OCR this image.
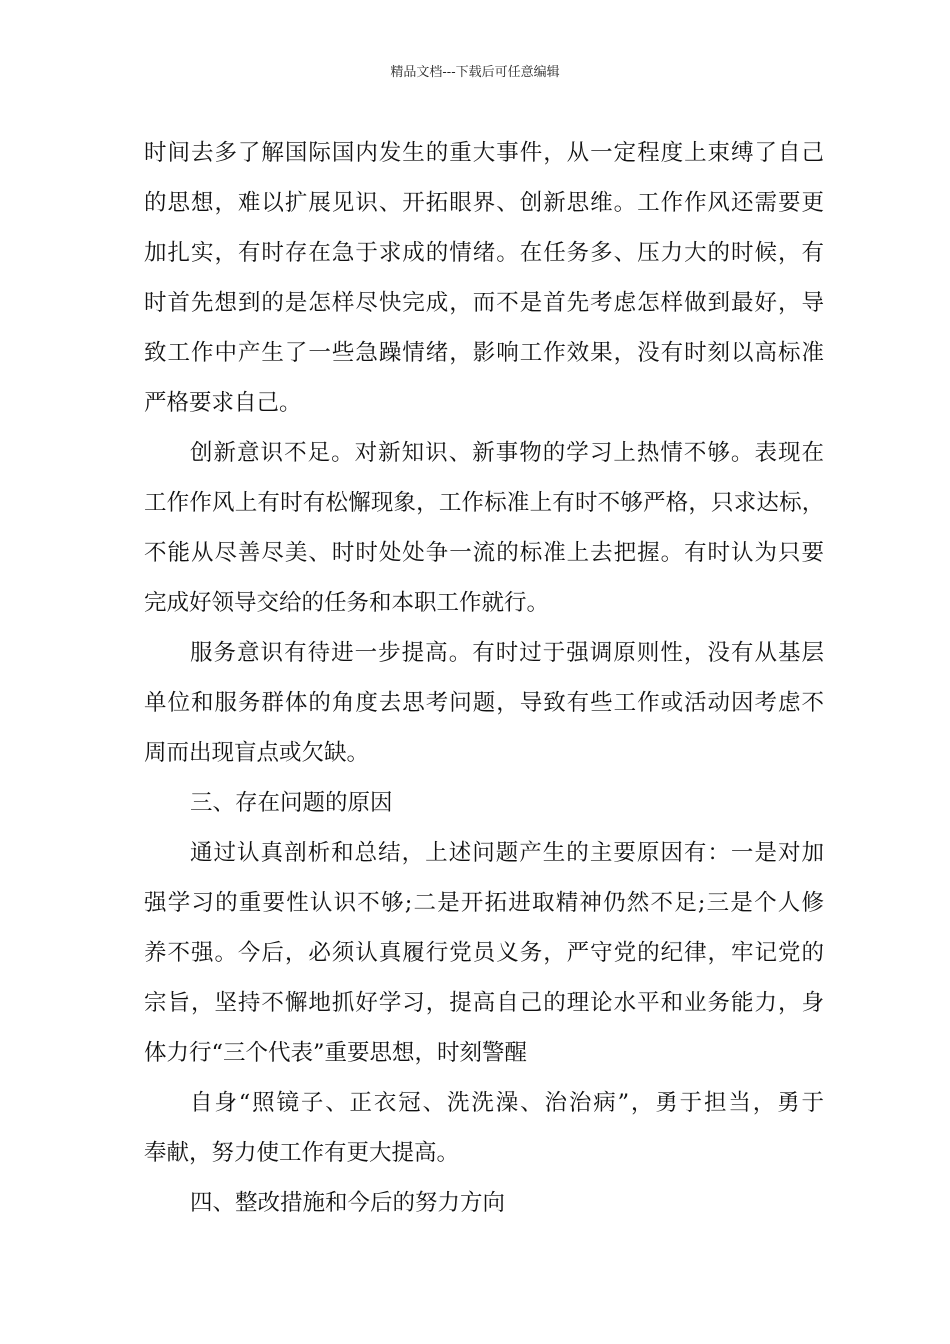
精品文档---下载后可任意编辑
时间去多了解国际国内发生的重大事件，从一定程度上束缚了自己
的思想，难以扩展见识、开拓眼界、创新思维。工作作风还需要更
加扎实，有时存在急于求成的情绪。在任务多、压力大的时候，有
时首先想到的是怎样尽快完成，而不是首先考虑怎样做到最好，导
致工作中产生了一些急躁情绪，影响工作效果，没有时刻以高标准
严格要求自己。
创新意识不足。对新知识、新事物的学习上热情不够。表现在
工作作风上有时有松懈现象，工作标准上有时不够严格，只求达标，
不能从尽善尽美、时时处处争一流的标准上去把握。有时认为只要
完成好领导交给的任务和本职工作就行。
服务意识有待进一步提高。有时过于强调原则性，没有从基层
单位和服务群体的角度去思考问题，导致有些工作或活动因考虑不
周而出现盲点或欠缺。
三、存在问题的原因
通过认真剖析和总结，上述问题产生的主要原因有：一是对加
强学习的重要性认识不够;二是开拓进取精神仍然不足;三是个人修
养不强。今后，必须认真履行党员义务，严守党的纪律，牢记党的
宗旨，坚持不懈地抓好学习，提高自己的理论水平和业务能力，身
体力行“三个代表”重要思想，时刻警醒
自身“照镜子、正衣冠、洗洗澡、治治病”，勇于担当，勇于
奉献，努力使工作有更大提高。
四、整改措施和今后的努力方向
